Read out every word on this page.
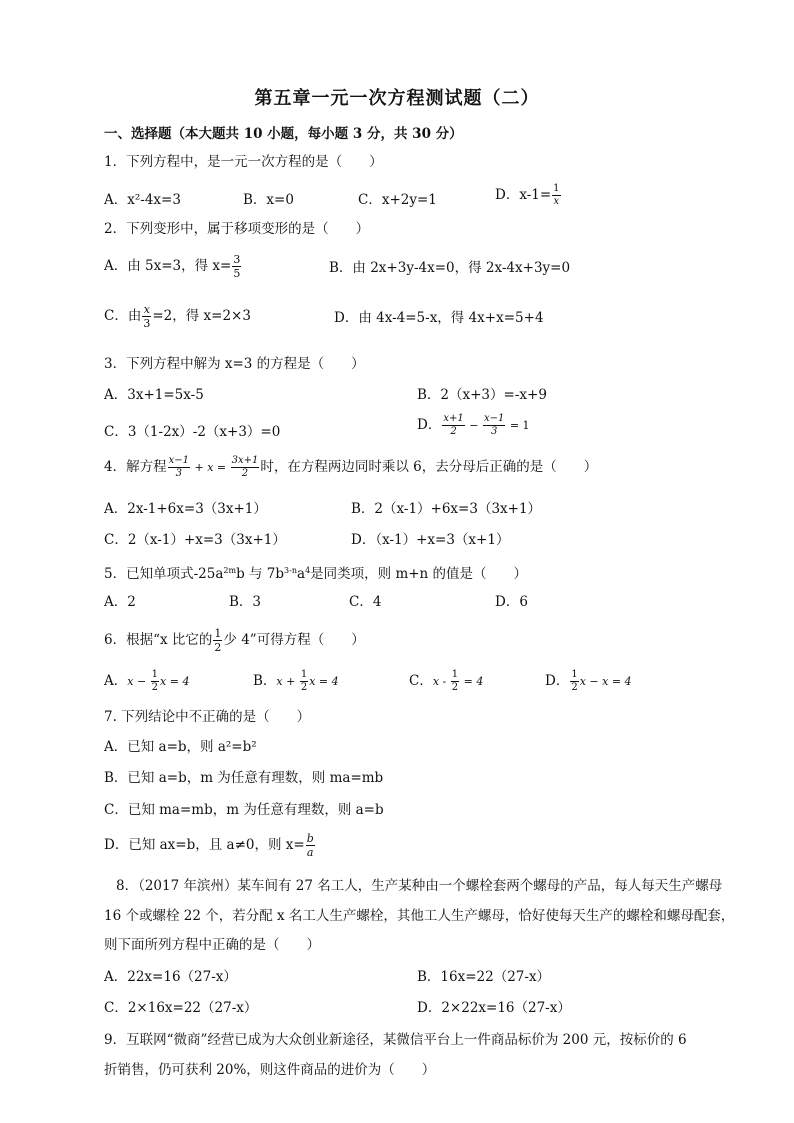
第五章一元一次方程测试题（二）
一、选择题（本大题共 10 小题，每小题 3 分，共 30 分）
1．下列方程中，是一元一次方程的是（　　）
A．x²-4x=3	B．x=0	C．x+2y=1	D．$x-1= \frac{1}{x}$
2．下列变形中，属于移项变形的是（　　）
A．由 5x=3，得 $x= \frac{3}{5}$	B．由 2x+3y-4x=0，得 2x-4x+3y=0
C．由 $\frac{x}{3} =2$，得 x=2×3	D．由 4x-4=5-x，得 4x+x=5+4
3．下列方程中解为 x=3 的方程是（　　）
A．3x+1=5x-5	B．2（x+3）=-x+9
C．3（1-2x）-2（x+3）=0	D． $\frac{x+1}{2} - \frac{x-1}{3} = 1$
4．解方程 $\frac{x-1}{3} + x = \frac{3x+1}{2}$ 时，在方程两边同时乘以 6，去分母后正确的是（　　）
A．2x-1+6x=3（3x+1）	B．2（x-1）+6x=3（3x+1）
C．2（x-1）+x=3（3x+1）	D．（x-1）+x=3（x+1）
5．已知单项式$-25a^{2m}b$ 与 $7b^{3-n}a^4$是同类项，则 m+n 的值是（　　）
A．2	B．3	C．4	D．6
6．根据“x 比它的 $\frac{1}{2}$ 少 4”可得方程（　　）
A．$x - \frac{1}{2}$ x = 4	B．$x + \frac{1}{2}$ x = 4	C．$x - \frac{1}{2} = 4$	D． $\frac{1}{2}$ x − x = 4
7. 下列结论中不正确的是（　　）
A．已知 a=b，则 a²=b²
B．已知 a=b，m 为任意有理数，则 ma=mb
C．已知 ma=mb，m 为任意有理数，则 a=b
D．已知 ax=b，且 a≠0，则 $x= \frac{b}{a}$
8．（2017 年滨州）某车间有 27 名工人，生产某种由一个螺栓套两个螺母的产品，每人每天生产螺母
16 个或螺栓 22 个，若分配 x 名工人生产螺栓，其他工人生产螺母，恰好使每天生产的螺栓和螺母配套，
则下面所列方程中正确的是（　　）
A．22x=16（27-x）	B．16x=22（27-x）
C．2×16x=22（27-x）	D．2×22x=16（27-x）
9．互联网“微商”经营已成为大众创业新途径，某微信平台上一件商品标价为 200 元，按标价的 6
折销售，仍可获利 20%，则这件商品的进价为（　　）
